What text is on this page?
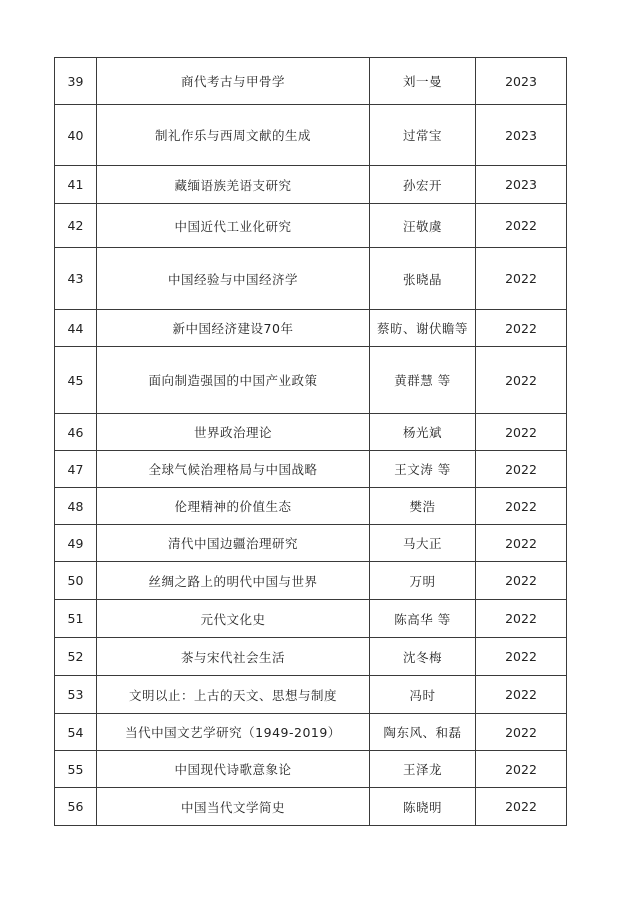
39	商代考古与甲骨学	刘一曼	2023
40	制礼作乐与西周文献的生成	过常宝	2023
41	藏缅语族羌语支研究	孙宏开	2023
42	中国近代工业化研究	汪敬虞	2022
43	中国经验与中国经济学	张晓晶	2022
44	新中国经济建设70年	蔡昉、谢伏瞻等	2022
45	面向制造强国的中国产业政策	黄群慧 等	2022
46	世界政治理论	杨光斌	2022
47	全球气候治理格局与中国战略	王文涛 等	2022
48	伦理精神的价值生态	樊浩	2022
49	清代中国边疆治理研究	马大正	2022
50	丝绸之路上的明代中国与世界	万明	2022
51	元代文化史	陈高华 等	2022
52	茶与宋代社会生活	沈冬梅	2022
53	文明以止：上古的天文、思想与制度	冯时	2022
54	当代中国文艺学研究（1949-2019）	陶东风、和磊	2022
55	中国现代诗歌意象论	王泽龙	2022
56	中国当代文学简史	陈晓明	2022
